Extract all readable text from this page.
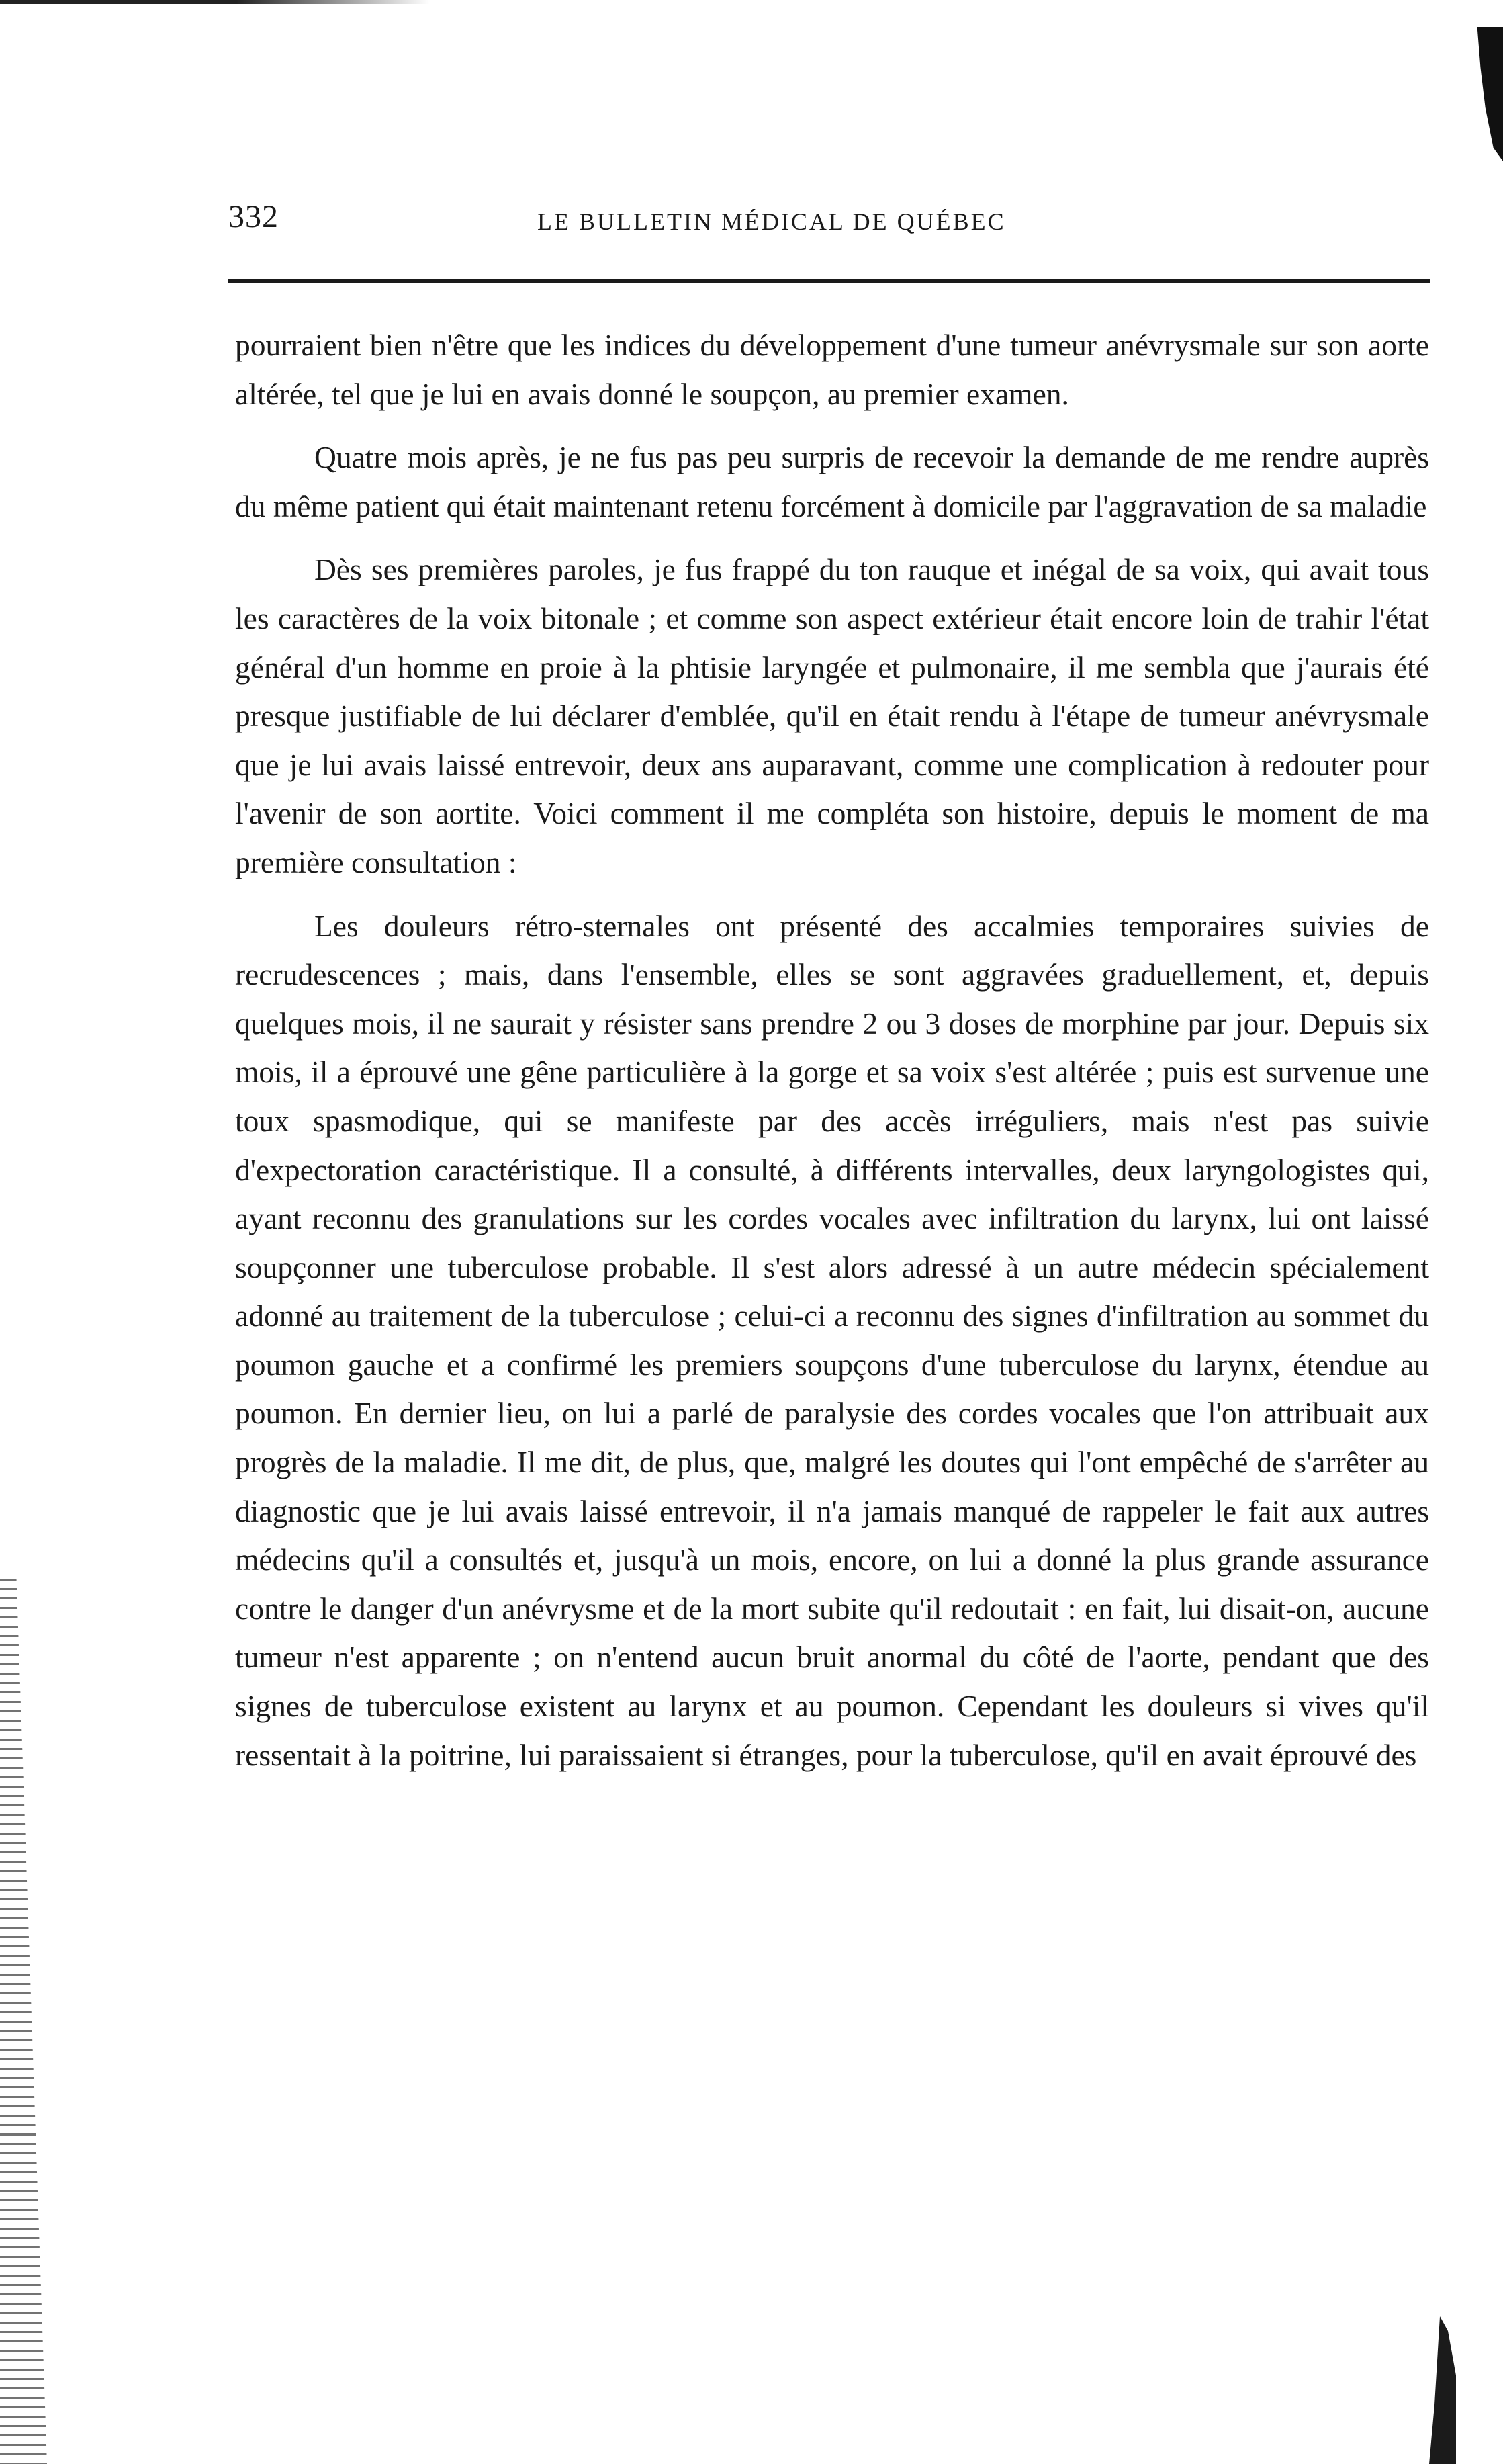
332	LE BULLETIN MÉDICAL DE QUÉBEC

pourraient bien n'être que les indices du développement d'une tumeur anévrysmale sur son aorte altérée, tel que je lui en avais donné le soupçon, au premier examen.

Quatre mois après, je ne fus pas peu surpris de recevoir la demande de me rendre auprès du même patient qui était maintenant retenu forcément à domicile par l'aggravation de sa maladie

Dès ses premières paroles, je fus frappé du ton rauque et inégal de sa voix, qui avait tous les caractères de la voix bitonale ; et comme son aspect extérieur était encore loin de trahir l'état général d'un homme en proie à la phtisie laryngée et pulmonaire, il me sembla que j'aurais été presque justifiable de lui déclarer d'emblée, qu'il en était rendu à l'étape de tumeur anévrysmale que je lui avais laissé entrevoir, deux ans auparavant, comme une complication à redouter pour l'avenir de son aortite. Voici comment il me compléta son histoire, depuis le moment de ma première consultation :

Les douleurs rétro-sternales ont présenté des accalmies temporaires suivies de recrudescences ; mais, dans l'ensemble, elles se sont aggravées graduellement, et, depuis quelques mois, il ne saurait y résister sans prendre 2 ou 3 doses de morphine par jour. Depuis six mois, il a éprouvé une gêne particulière à la gorge et sa voix s'est altérée ; puis est survenue une toux spasmodique, qui se manifeste par des accès irréguliers, mais n'est pas suivie d'expectoration caractéristique. Il a consulté, à différents intervalles, deux laryngologistes qui, ayant reconnu des granulations sur les cordes vocales avec infiltration du larynx, lui ont laissé soupçonner une tuberculose probable. Il s'est alors adressé à un autre médecin spécialement adonné au traitement de la tuberculose ; celui-ci a reconnu des signes d'infiltration au sommet du poumon gauche et a confirmé les premiers soupçons d'une tuberculose du larynx, étendue au poumon. En dernier lieu, on lui a parlé de paralysie des cordes vocales que l'on attribuait aux progrès de la maladie. Il me dit, de plus, que, malgré les doutes qui l'ont empêché de s'arrêter au diagnostic que je lui avais laissé entrevoir, il n'a jamais manqué de rappeler le fait aux autres médecins qu'il a consultés et, jusqu'à un mois, encore, on lui a donné la plus grande assurance contre le danger d'un anévrysme et de la mort subite qu'il redoutait : en fait, lui disait-on, aucune tumeur n'est apparente ; on n'entend aucun bruit anormal du côté de l'aorte, pendant que des signes de tuberculose existent au larynx et au poumon. Cependant les douleurs si vives qu'il ressentait à la poitrine, lui paraissaient si étranges, pour la tuberculose, qu'il en avait éprouvé des
